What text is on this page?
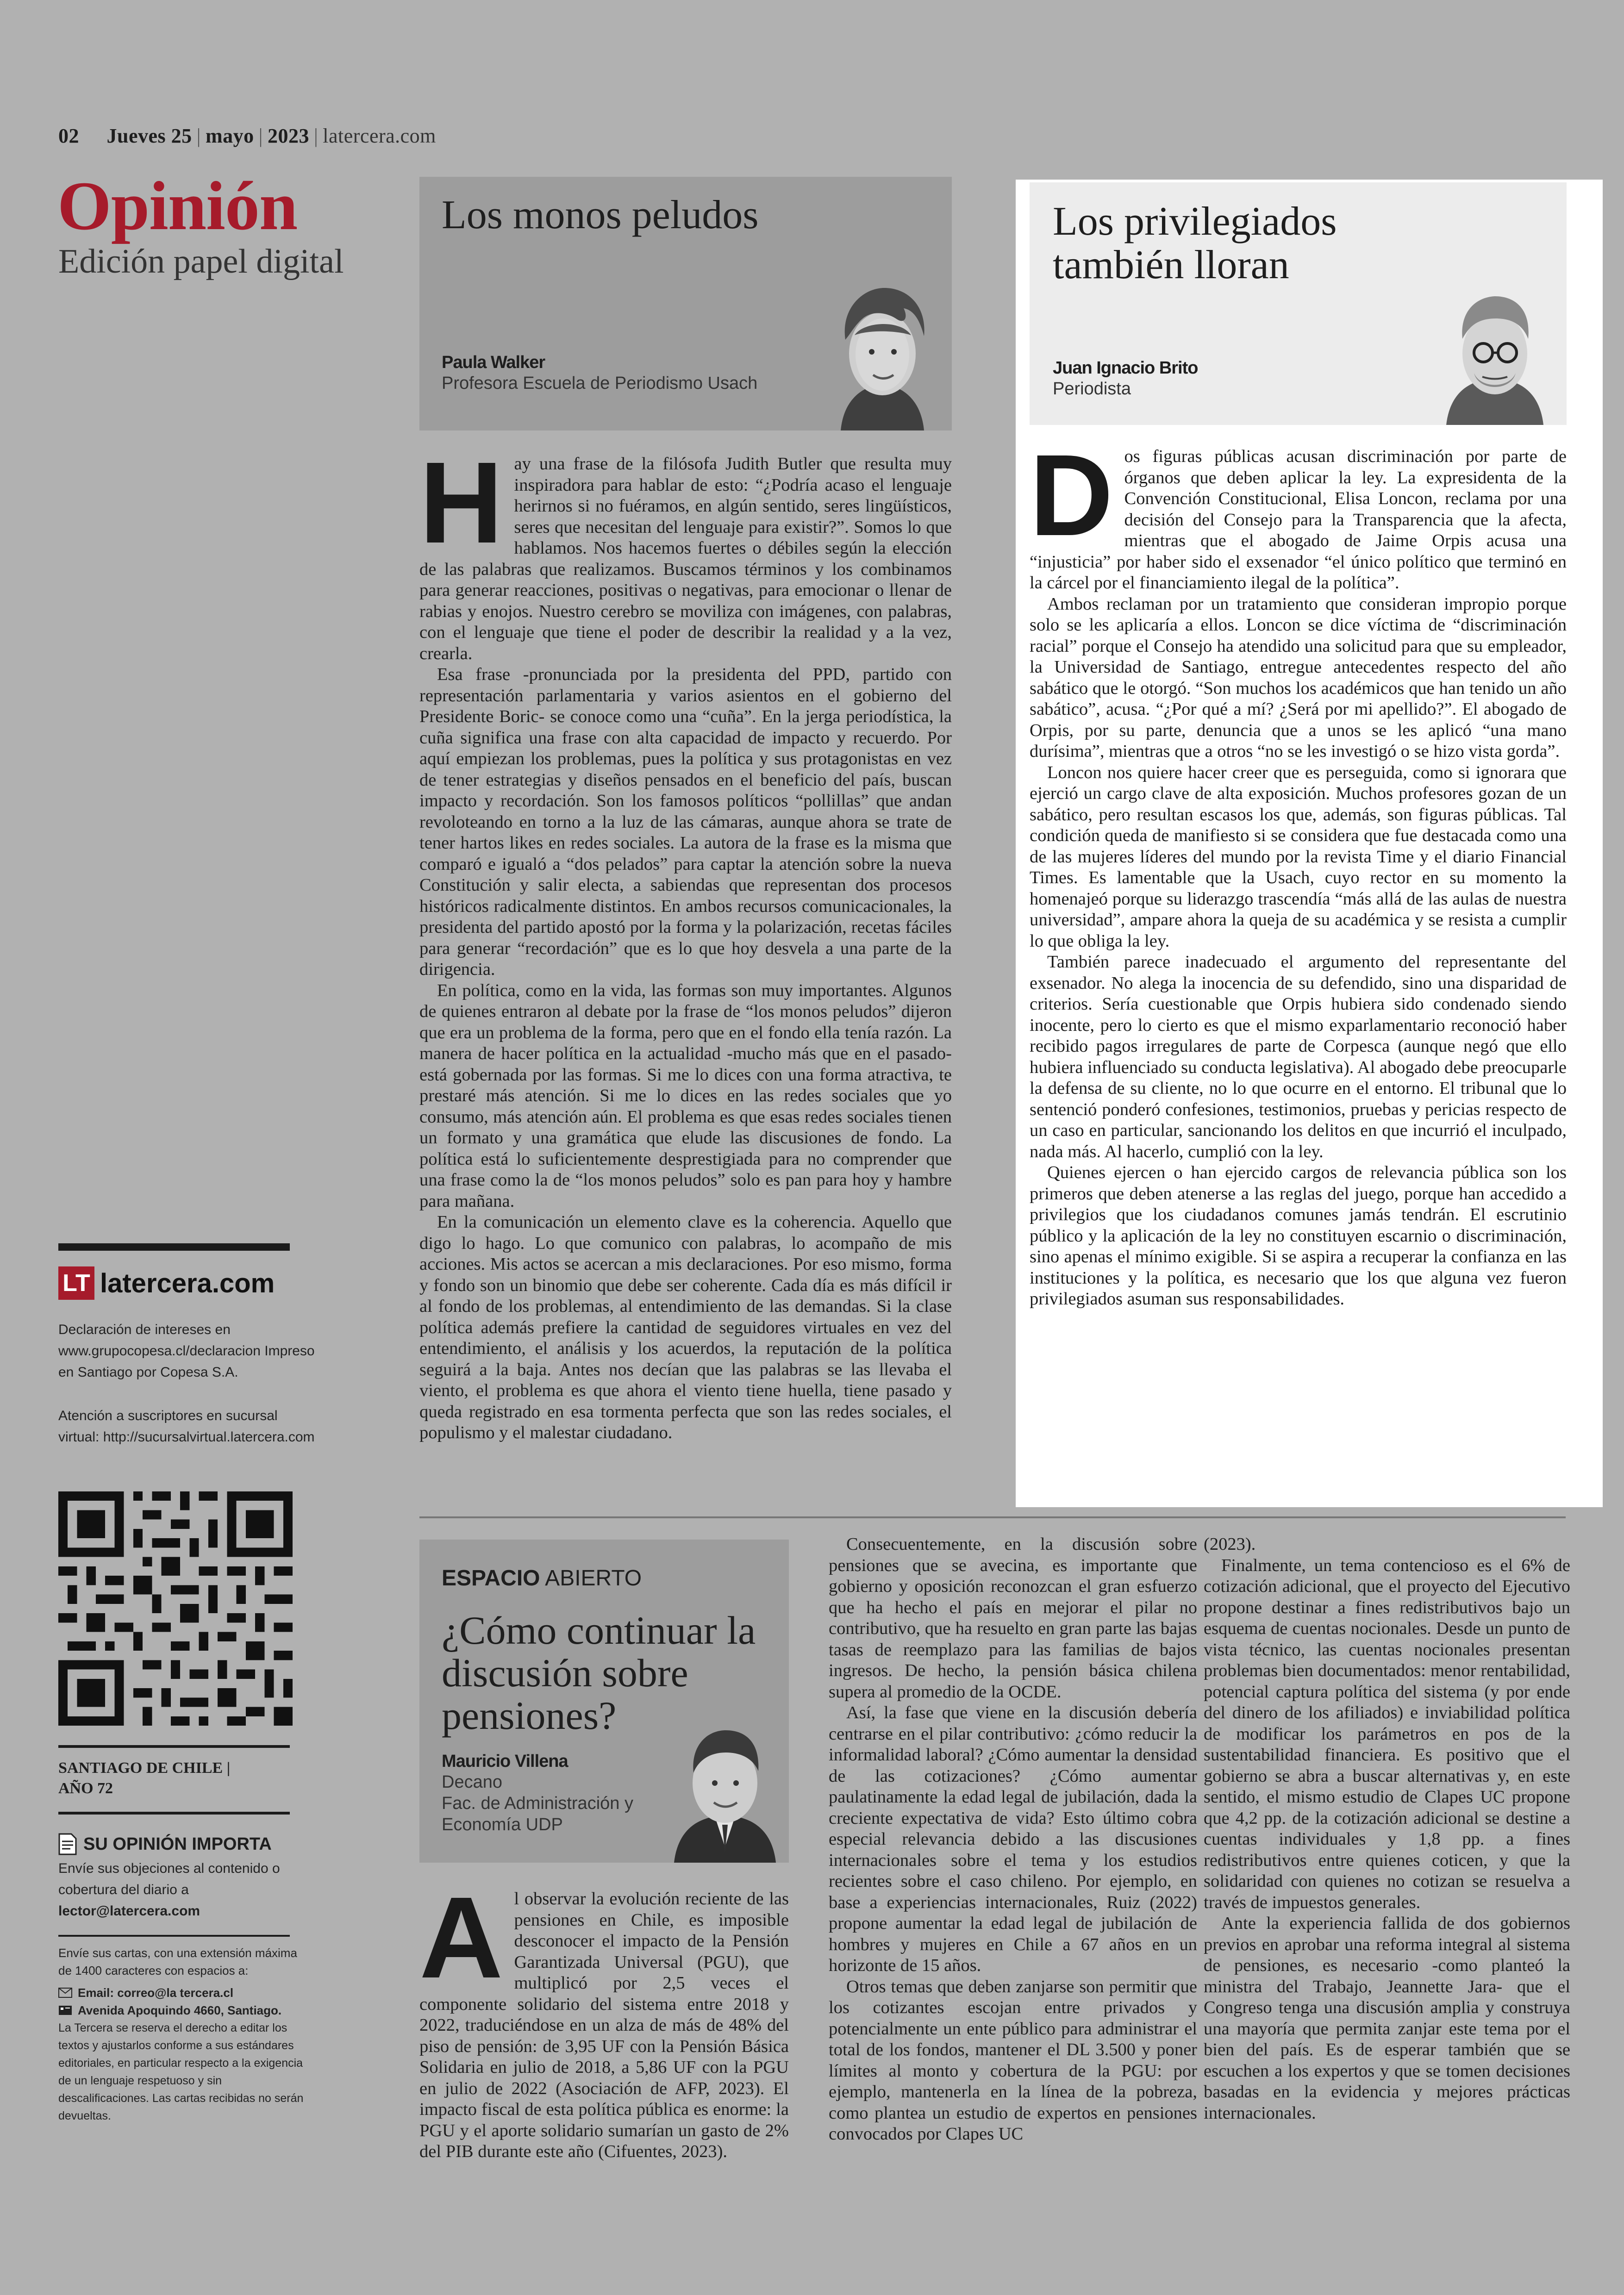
02 Jueves 25 | mayo | 2023 | latercera.com
Opinión
Edición papel digital
LT latercera.com
Declaración de intereses en www.grupocopesa.cl/declaracion Impreso en Santiago por Copesa S.A.
Atención a suscriptores en sucursal virtual: http://sucursalvirtual.latercera.com
SANTIAGO DE CHILE |
AÑO 72
SU OPINIÓN IMPORTA
Envíe sus objeciones al contenido o cobertura del diario a
lector@latercera.com
Envíe sus cartas, con una extensión máxima de 1400 caracteres con espacios a:
Email: correo@la tercera.cl
Avenida Apoquindo 4660, Santiago.
La Tercera se reserva el derecho a editar los textos y ajustarlos conforme a sus estándares editoriales, en particular respecto a la exigencia de un lenguaje respetuoso y sin descalificaciones. Las cartas recibidas no serán devueltas.
Los monos peludos
Paula Walker
Profesora Escuela de Periodismo Usach
H ay una frase de la filósofa Judith Butler que resulta muy inspiradora para hablar de esto: “¿Podría acaso el lenguaje herirnos si no fuéramos, en algún sentido, seres lingüísticos, seres que necesitan del lenguaje para existir?”. Somos lo que hablamos. Nos hacemos fuertes o débiles según la elección de las palabras que realizamos. Buscamos términos y los combinamos para generar reacciones, positivas o negativas, para emocionar o llenar de rabias y enojos. Nuestro cerebro se moviliza con imágenes, con palabras, con el lenguaje que tiene el poder de describir la realidad y a la vez, crearla.

Esa frase -pronunciada por la presidenta del PPD, partido con representación parlamentaria y varios asientos en el gobierno del Presidente Boric- se conoce como una “cuña”. En la jerga periodística, la cuña significa una frase con alta capacidad de impacto y recuerdo. Por aquí empiezan los problemas, pues la política y sus protagonistas en vez de tener estrategias y diseños pensados en el beneficio del país, buscan impacto y recordación. Son los famosos políticos “pollillas” que andan revoloteando en torno a la luz de las cámaras, aunque ahora se trate de tener hartos likes en redes sociales. La autora de la frase es la misma que comparó e igualó a “dos pelados” para captar la atención sobre la nueva Constitución y salir electa, a sabiendas que representan dos procesos históricos radicalmente distintos. En ambos recursos comunicacionales, la presidenta del partido apostó por la forma y la polarización, recetas fáciles para generar “recordación” que es lo que hoy desvela a una parte de la dirigencia.

En política, como en la vida, las formas son muy importantes. Algunos de quienes entraron al debate por la frase de “los monos peludos” dijeron que era un problema de la forma, pero que en el fondo ella tenía razón. La manera de hacer política en la actualidad -mucho más que en el pasado- está gobernada por las formas. Si me lo dices con una forma atractiva, te prestaré más atención. Si me lo dices en las redes sociales que yo consumo, más atención aún. El problema es que esas redes sociales tienen un formato y una gramática que elude las discusiones de fondo. La política está lo suficientemente desprestigiada para no comprender que una frase como la de “los monos peludos” solo es pan para hoy y hambre para mañana.

En la comunicación un elemento clave es la coherencia. Aquello que digo lo hago. Lo que comunico con palabras, lo acompaño de mis acciones. Mis actos se acercan a mis declaraciones. Por eso mismo, forma y fondo son un binomio que debe ser coherente. Cada día es más difícil ir al fondo de los problemas, al entendimiento de las demandas. Si la clase política además prefiere la cantidad de seguidores virtuales en vez del entendimiento, el análisis y los acuerdos, la reputación de la política seguirá a la baja. Antes nos decían que las palabras se las llevaba el viento, el problema es que ahora el viento tiene huella, tiene pasado y queda registrado en esa tormenta perfecta que son las redes sociales, el populismo y el malestar ciudadano.

Los privilegiados
también lloran
Juan Ignacio Brito
Periodista
D os figuras públicas acusan discriminación por parte de órganos que deben aplicar la ley. La expresidenta de la Convención Constitucional, Elisa Loncon, reclama por una decisión del Consejo para la Transparencia que la afecta, mientras que el abogado de Jaime Orpis acusa una “injusticia” por haber sido el exsenador “el único político que terminó en la cárcel por el financiamiento ilegal de la política”.

Ambos reclaman por un tratamiento que consideran impropio porque solo se les aplicaría a ellos. Loncon se dice víctima de “discriminación racial” porque el Consejo ha atendido una solicitud para que su empleador, la Universidad de Santiago, entregue antecedentes respecto del año sabático que le otorgó. “Son muchos los académicos que han tenido un año sabático”, acusa. “¿Por qué a mí? ¿Será por mi apellido?”. El abogado de Orpis, por su parte, denuncia que a unos se les aplicó “una mano durísima”, mientras que a otros “no se les investigó o se hizo vista gorda”.

Loncon nos quiere hacer creer que es perseguida, como si ignorara que ejerció un cargo clave de alta exposición. Muchos profesores gozan de un sabático, pero resultan escasos los que, además, son figuras públicas. Tal condición queda de manifiesto si se considera que fue destacada como una de las mujeres líderes del mundo por la revista Time y el diario Financial Times. Es lamentable que la Usach, cuyo rector en su momento la homenajeó porque su liderazgo trascendía “más allá de las aulas de nuestra universidad”, ampare ahora la queja de su académica y se resista a cumplir lo que obliga la ley.

También parece inadecuado el argumento del representante del exsenador. No alega la inocencia de su defendido, sino una disparidad de criterios. Sería cuestionable que Orpis hubiera sido condenado siendo inocente, pero lo cierto es que el mismo exparlamentario reconoció haber recibido pagos irregulares de parte de Corpesca (aunque negó que ello hubiera influenciado su conducta legislativa). Al abogado debe preocuparle la defensa de su cliente, no lo que ocurre en el entorno. El tribunal que lo sentenció ponderó confesiones, testimonios, pruebas y pericias respecto de un caso en particular, sancionando los delitos en que incurrió el inculpado, nada más. Al hacerlo, cumplió con la ley.

Quienes ejercen o han ejercido cargos de relevancia pública son los primeros que deben atenerse a las reglas del juego, porque han accedido a privilegios que los ciudadanos comunes jamás tendrán. El escrutinio público y la aplicación de la ley no constituyen escarnio o discriminación, sino apenas el mínimo exigible. Si se aspira a recuperar la confianza en las instituciones y la política, es necesario que los que alguna vez fueron privilegiados asuman sus responsabilidades.

ESPACIO ABIERTO
¿Cómo continuar la discusión sobre pensiones?
Mauricio Villena
Decano
Fac. de Administración y
Economía UDP
A l observar la evolución reciente de las pensiones en Chile, es imposible desconocer el impacto de la Pensión Garantizada Universal (PGU), que multiplicó por 2,5 veces el componente solidario del sistema entre 2018 y 2022, traduciéndose en un alza de más de 48% del piso de pensión: de 3,95 UF con la Pensión Básica Solidaria en julio de 2018, a 5,86 UF con la PGU en julio de 2022 (Asociación de AFP, 2023). El impacto fiscal de esta política pública es enorme: la PGU y el aporte solidario sumarían un gasto de 2% del PIB durante este año (Cifuentes, 2023).

Consecuentemente, en la discusión sobre pensiones que se avecina, es importante que gobierno y oposición reconozcan el gran esfuerzo que ha hecho el país en mejorar el pilar no contributivo, que ha resuelto en gran parte las bajas tasas de reemplazo para las familias de bajos ingresos. De hecho, la pensión básica chilena supera al promedio de la OCDE.

Así, la fase que viene en la discusión debería centrarse en el pilar contributivo: ¿cómo reducir la informalidad laboral? ¿Cómo aumentar la densidad de las cotizaciones? ¿Cómo aumentar paulatinamente la edad legal de jubilación, dada la creciente expectativa de vida? Esto último cobra especial relevancia debido a las discusiones internacionales sobre el tema y los estudios recientes sobre el caso chileno. Por ejemplo, en base a experiencias internacionales, Ruiz (2022) propone aumentar la edad legal de jubilación de hombres y mujeres en Chile a 67 años en un horizonte de 15 años.

Otros temas que deben zanjarse son permitir que los cotizantes escojan entre privados y potencialmente un ente público para administrar el total de los fondos, mantener el DL 3.500 y poner límites al monto y cobertura de la PGU: por ejemplo, mantenerla en la línea de la pobreza, como plantea un estudio de expertos en pensiones convocados por Clapes UC

(2023).

Finalmente, un tema contencioso es el 6% de cotización adicional, que el proyecto del Ejecutivo propone destinar a fines redistributivos bajo un esquema de cuentas nocionales. Desde un punto de vista técnico, las cuentas nocionales presentan problemas bien documentados: menor rentabilidad, potencial captura política del sistema (y por ende del dinero de los afiliados) e inviabilidad política de modificar los parámetros en pos de la sustentabilidad financiera. Es positivo que el gobierno se abra a buscar alternativas y, en este sentido, el mismo estudio de Clapes UC propone que 4,2 pp. de la cotización adicional se destine a cuentas individuales y 1,8 pp. a fines redistributivos entre quienes coticen, y que la solidaridad con quienes no cotizan se resuelva a través de impuestos generales.

Ante la experiencia fallida de dos gobiernos previos en aprobar una reforma integral al sistema de pensiones, es necesario -como planteó la ministra del Trabajo, Jeannette Jara- que el Congreso tenga una discusión amplia y construya una mayoría que permita zanjar este tema por el bien del país. Es de esperar también que se escuchen a los expertos y que se tomen decisiones basadas en la evidencia y mejores prácticas internacionales.
